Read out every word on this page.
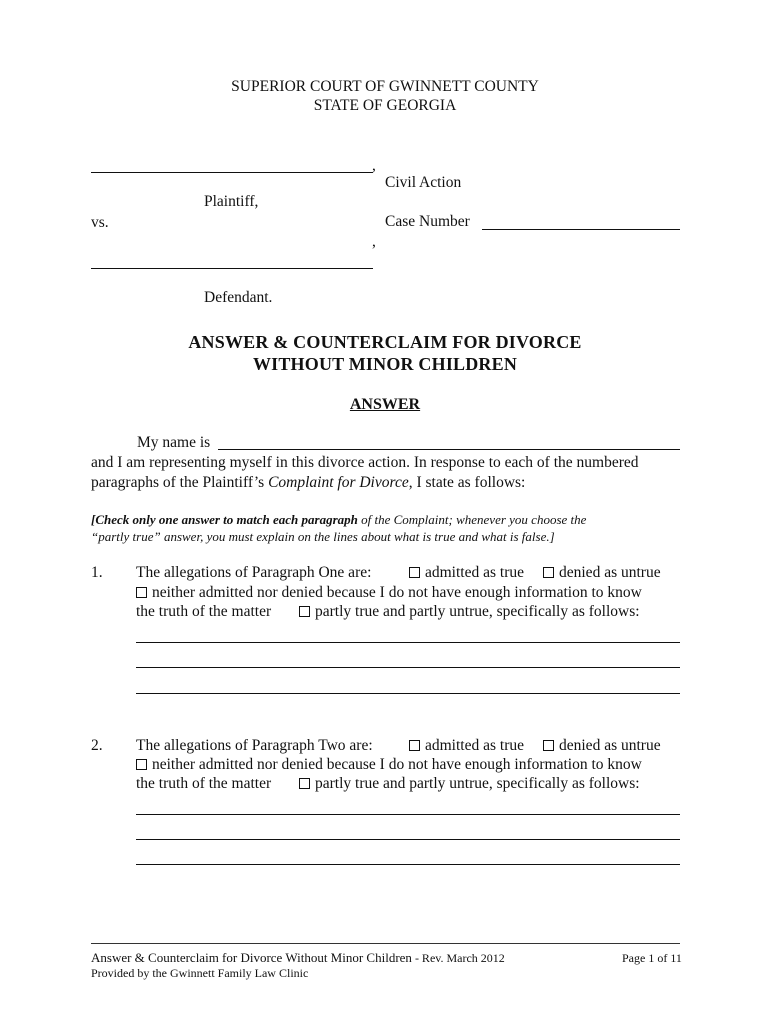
SUPERIOR COURT OF GWINNETT COUNTY
STATE OF GEORGIA
,
Civil Action
Plaintiff,
vs.	Case Number
,
Defendant.
ANSWER & COUNTERCLAIM FOR DIVORCE
WITHOUT MINOR CHILDREN
ANSWER
My name is
and I am representing myself in this divorce action. In response to each of the numbered
paragraphs of the Plaintiff’s Complaint for Divorce, I state as follows:
[Check only one answer to match each paragraph of the Complaint; whenever you choose the
“partly true” answer, you must explain on the lines about what is true and what is false.]
1. The allegations of Paragraph One are:	admitted as true	denied as untrue
neither admitted nor denied because I do not have enough information to know
the truth of the matter	partly true and partly untrue, specifically as follows:
2. The allegations of Paragraph Two are:	admitted as true	denied as untrue
neither admitted nor denied because I do not have enough information to know
the truth of the matter	partly true and partly untrue, specifically as follows:
Answer & Counterclaim for Divorce Without Minor Children - Rev. March 2012	Page 1 of 11
Provided by the Gwinnett Family Law Clinic
